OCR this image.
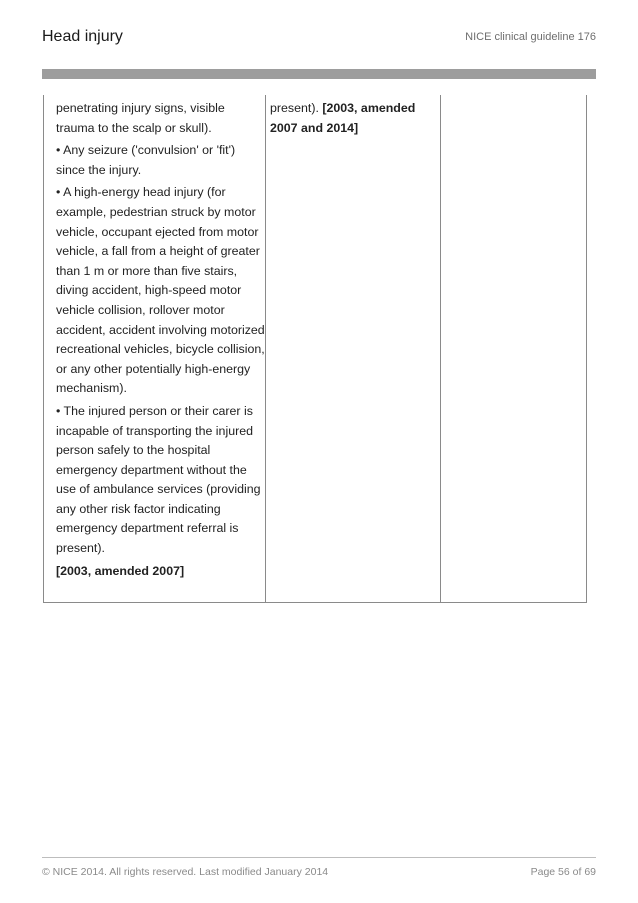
Head injury	NICE clinical guideline 176

penetrating injury signs, visible trauma to the scalp or skull).

• Any seizure ('convulsion' or 'fit') since the injury.

• A high-energy head injury (for example, pedestrian struck by motor vehicle, occupant ejected from motor vehicle, a fall from a height of greater than 1 m or more than five stairs, diving accident, high-speed motor vehicle collision, rollover motor accident, accident involving motorized recreational vehicles, bicycle collision, or any other potentially high-energy mechanism).

• The injured person or their carer is incapable of transporting the injured person safely to the hospital emergency department without the use of ambulance services (providing any other risk factor indicating emergency department referral is present).

[2003, amended 2007]

present). [2003, amended 2007 and 2014]

© NICE 2014. All rights reserved. Last modified January 2014	Page 56 of 69
